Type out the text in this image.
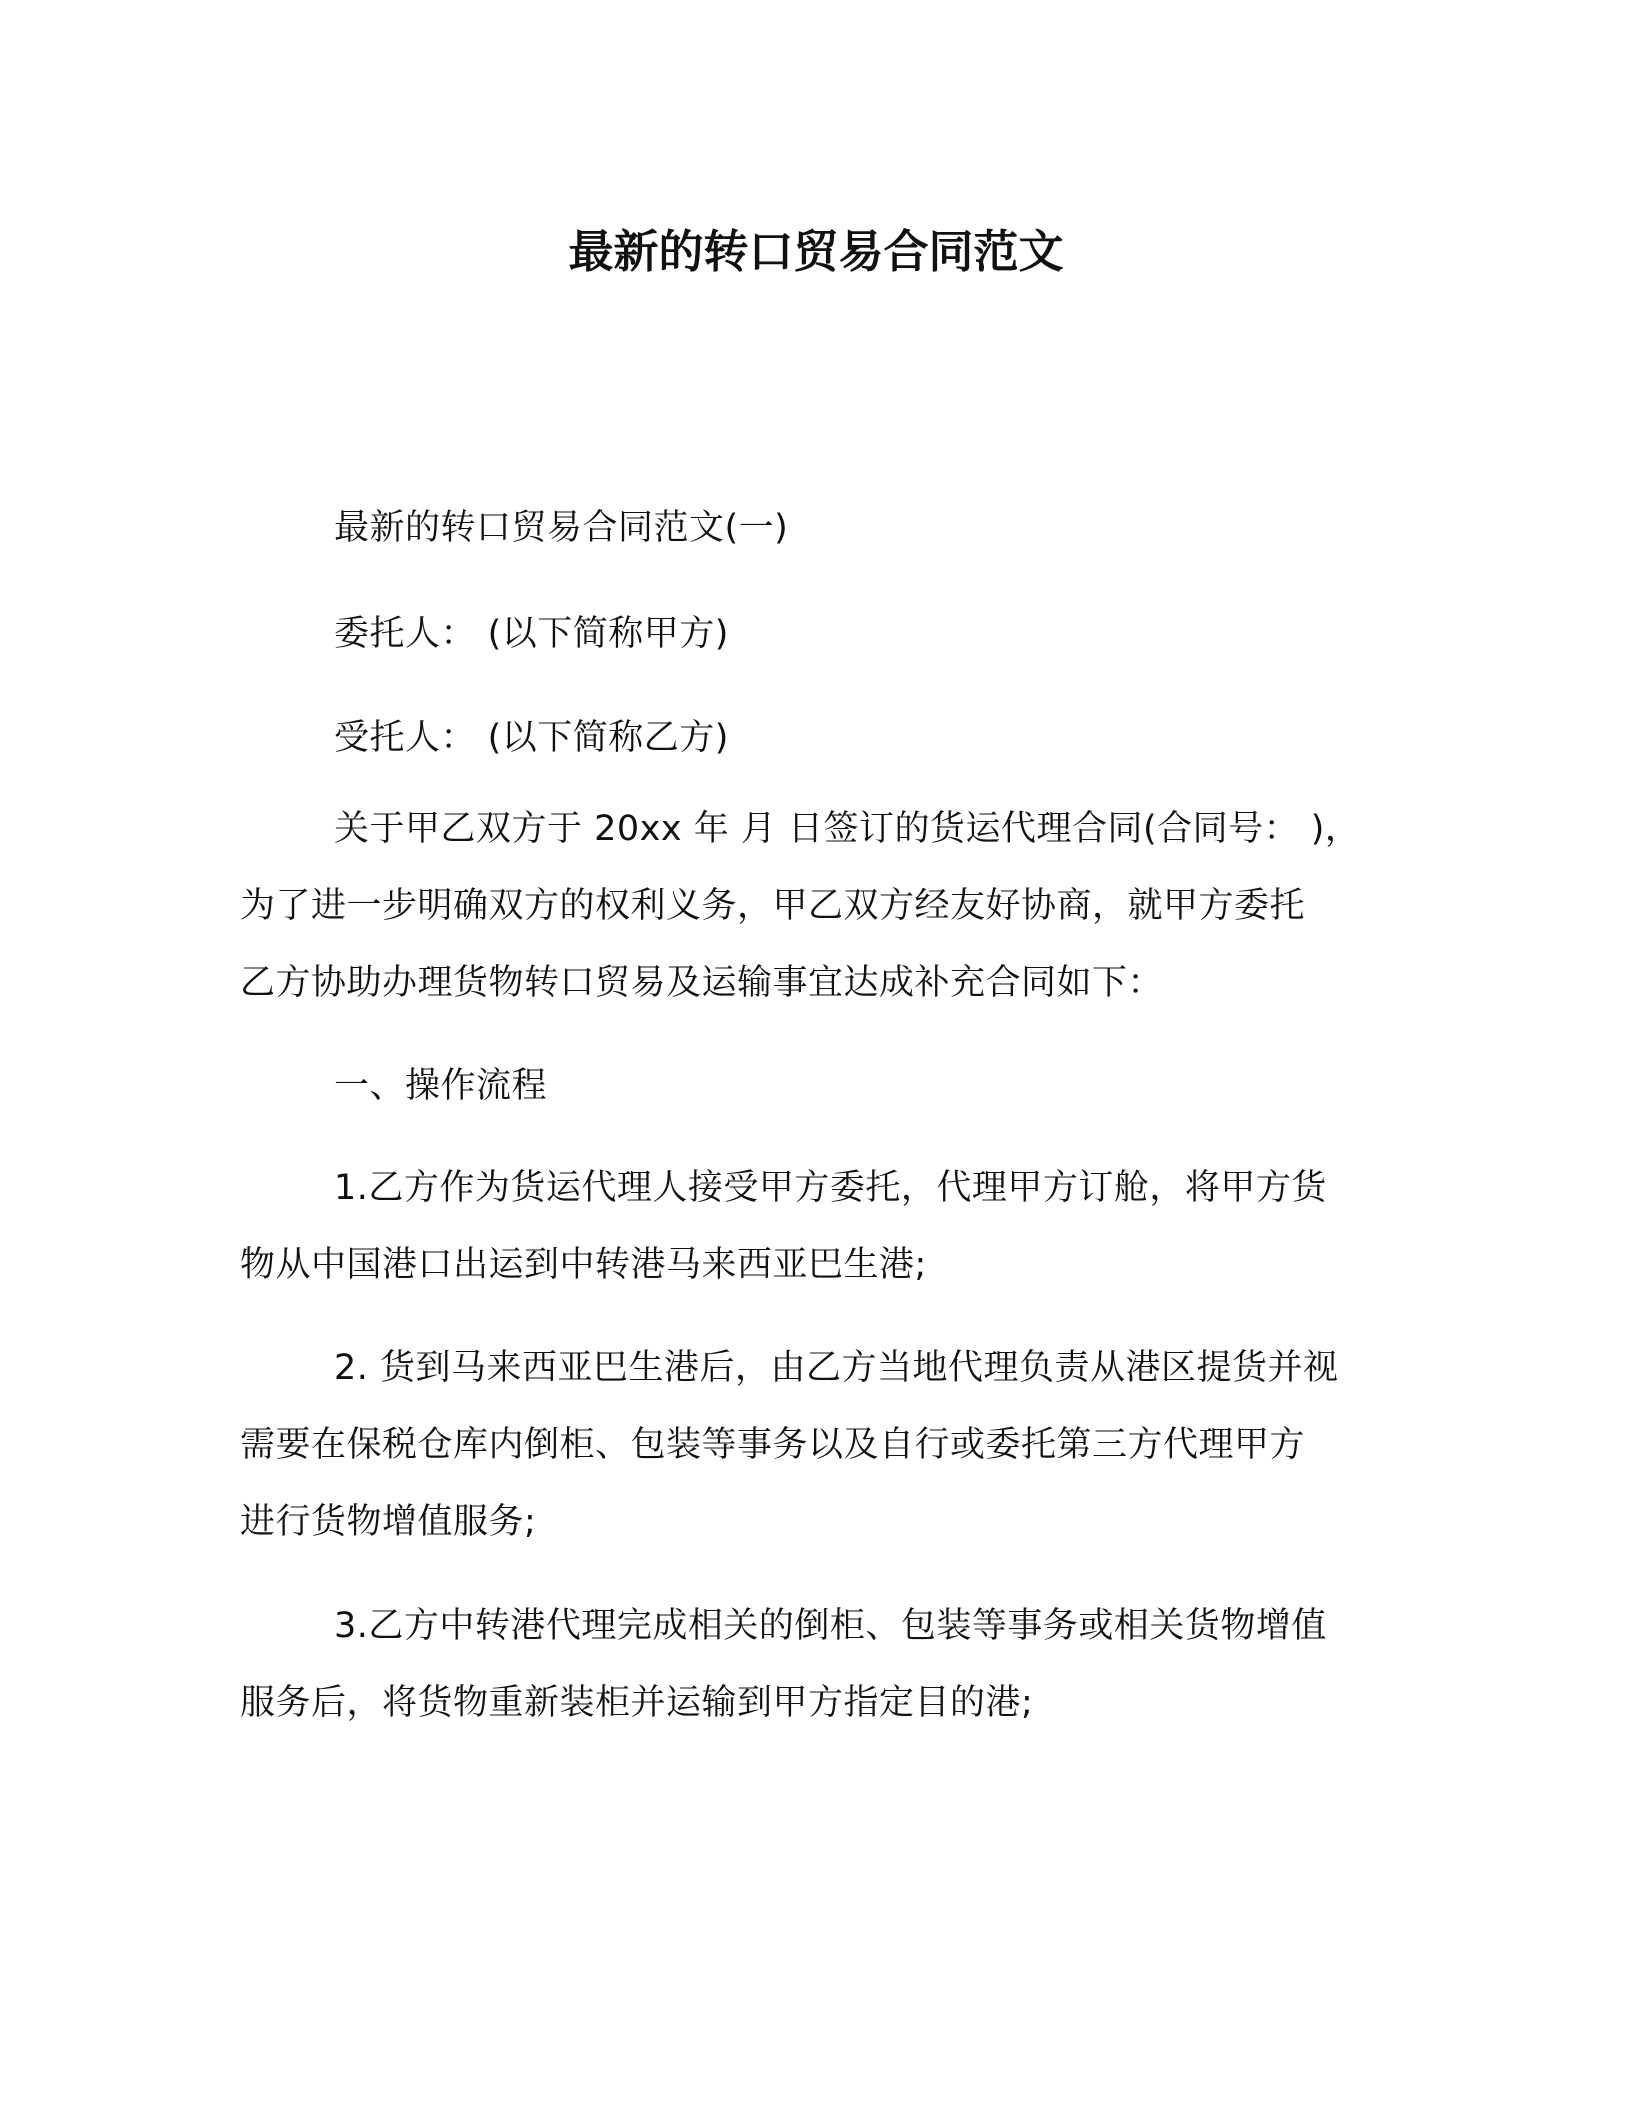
最新的转口贸易合同范文

最新的转口贸易合同范文(一)

委托人： (以下简称甲方)

受托人： (以下简称乙方)

关于甲乙双方于 20xx 年 月 日签订的货运代理合同(合同号： )，
为了进一步明确双方的权利义务，甲乙双方经友好协商，就甲方委托
乙方协助办理货物转口贸易及运输事宜达成补充合同如下：

一、操作流程

1.乙方作为货运代理人接受甲方委托，代理甲方订舱，将甲方货
物从中国港口出运到中转港马来西亚巴生港;

2. 货到马来西亚巴生港后，由乙方当地代理负责从港区提货并视
需要在保税仓库内倒柜、包装等事务以及自行或委托第三方代理甲方
进行货物增值服务;

3.乙方中转港代理完成相关的倒柜、包装等事务或相关货物增值
服务后，将货物重新装柜并运输到甲方指定目的港;
